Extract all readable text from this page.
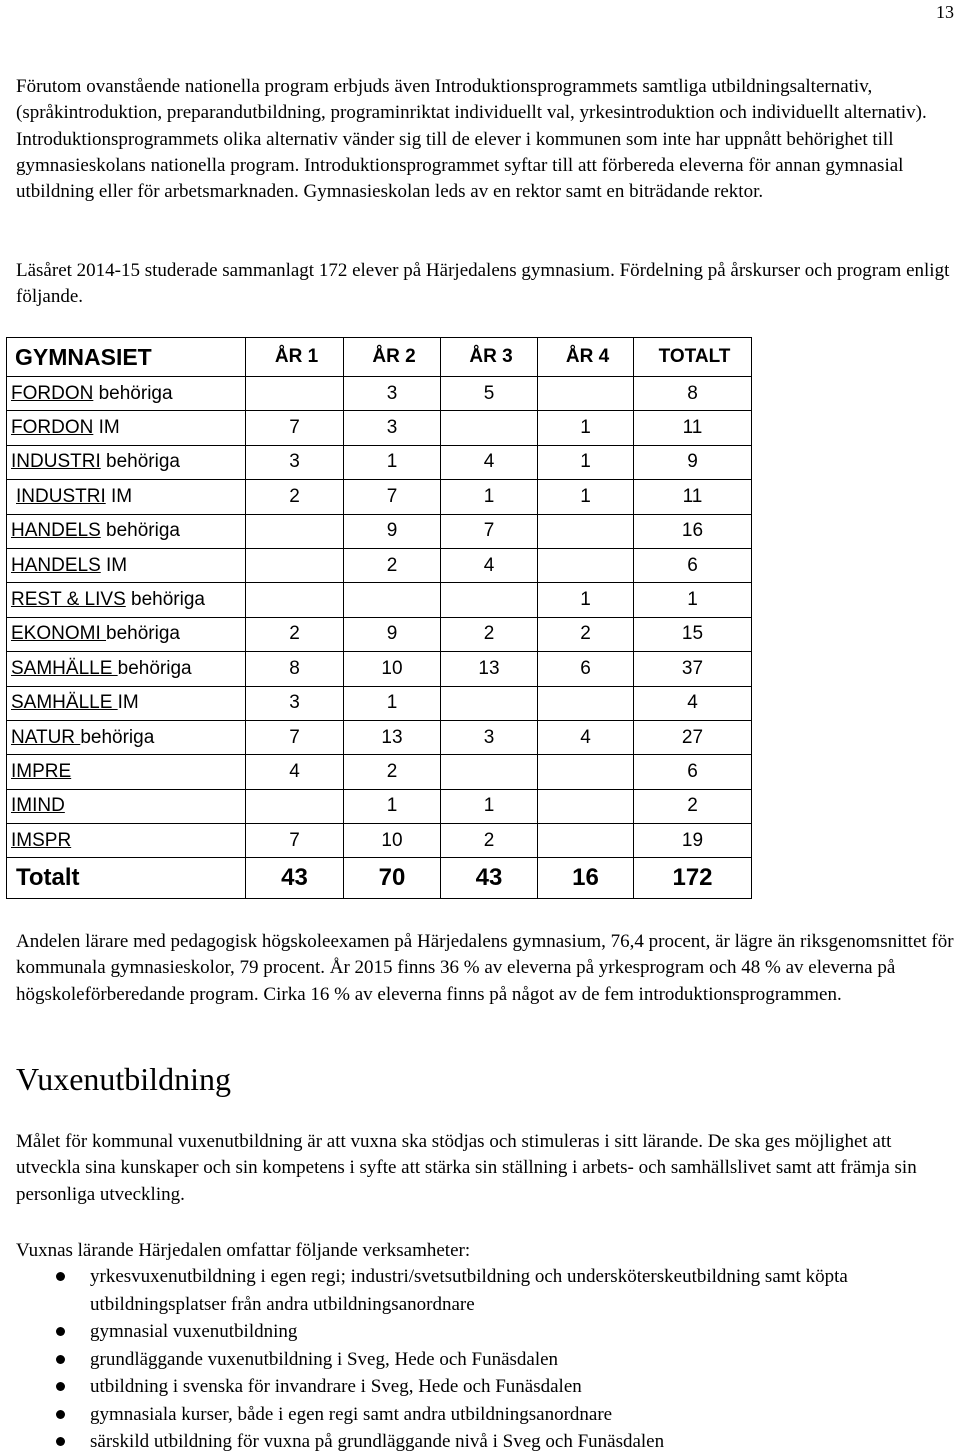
13

Förutom ovanstående nationella program erbjuds även Introduktionsprogrammets samtliga utbildningsalternativ, (språkintroduktion, preparandutbildning, programinriktat individuellt val, yrkesintroduktion och individuellt alternativ). Introduktionsprogrammets olika alternativ vänder sig till de elever i kommunen som inte har uppnått behörighet till gymnasieskolans nationella program. Introduktionsprogrammet syftar till att förbereda eleverna för annan gymnasial utbildning eller för arbetsmarknaden. Gymnasieskolan leds av en rektor samt en biträdande rektor.

Läsåret 2014-15 studerade sammanlagt 172 elever på Härjedalens gymnasium. Fördelning på årskurser och program enligt följande.

GYMNASIET	ÅR 1	ÅR 2	ÅR 3	ÅR 4	TOTALT
FORDON behöriga		3	5		8
FORDON IM	7	3		1	11
INDUSTRI behöriga	3	1	4	1	9
INDUSTRI IM	2	7	1	1	11
HANDELS behöriga		9	7		16
HANDELS IM		2	4		6
REST & LIVS behöriga				1	1
EKONOMI behöriga	2	9	2	2	15
SAMHÄLLE behöriga	8	10	13	6	37
SAMHÄLLE IM	3	1			4
NATUR behöriga	7	13	3	4	27
IMPRE	4	2			6
IMIND		1	1		2
IMSPR	7	10	2		19
Totalt	43	70	43	16	172

Andelen lärare med pedagogisk högskoleexamen på Härjedalens gymnasium, 76,4 procent, är lägre än riksgenomsnittet för kommunala gymnasieskolor, 79 procent. År 2015 finns 36 % av eleverna på yrkesprogram och 48 % av eleverna på högskoleförberedande program. Cirka 16 % av eleverna finns på något av de fem introduktionsprogrammen.

Vuxenutbildning

Målet för kommunal vuxenutbildning är att vuxna ska stödjas och stimuleras i sitt lärande. De ska ges möjlighet att utveckla sina kunskaper och sin kompetens i syfte att stärka sin ställning i arbets- och samhällslivet samt att främja sin personliga utveckling.

Vuxnas lärande Härjedalen omfattar följande verksamheter:

yrkesvuxenutbildning i egen regi; industri/svetsutbildning och undersköterskeutbildning samt köpta utbildningsplatser från andra utbildningsanordnare
gymnasial vuxenutbildning
grundläggande vuxenutbildning i Sveg, Hede och Funäsdalen
utbildning i svenska för invandrare i Sveg, Hede och Funäsdalen
gymnasiala kurser, både i egen regi samt andra utbildningsanordnare
särskild utbildning för vuxna på grundläggande nivå i Sveg och Funäsdalen
